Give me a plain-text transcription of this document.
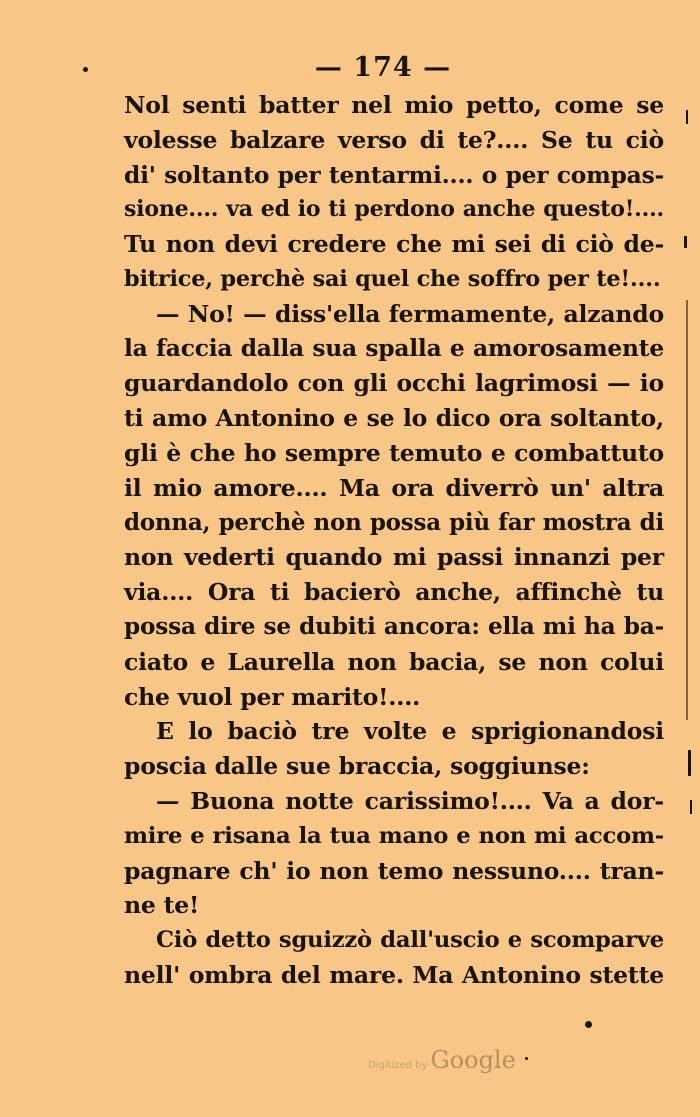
— 174 —
Nol senti batter nel mio petto, come se
volesse balzare verso di te?.... Se tu ciò
di' soltanto per tentarmi.... o per compas-
sione.... va ed io ti perdono anche questo!....
Tu non devi credere che mi sei di ciò de-
bitrice, perchè sai quel che soffro per te!....
— No! — diss'ella fermamente, alzando
la faccia dalla sua spalla e amorosamente
guardandolo con gli occhi lagrimosi — io
ti amo Antonino e se lo dico ora soltanto,
gli è che ho sempre temuto e combattuto
il mio amore.... Ma ora diverrò un' altra
donna, perchè non possa più far mostra di
non vederti quando mi passi innanzi per
via.... Ora ti bacierò anche, affinchè tu
possa dire se dubiti ancora: ella mi ha ba-
ciato e Laurella non bacia, se non colui
che vuol per marito!....
E lo baciò tre volte e sprigionandosi
poscia dalle sue braccia, soggiunse:
— Buona notte carissimo!.... Va a dor-
mire e risana la tua mano e non mi accom-
pagnare ch' io non temo nessuno.... tran-
ne te!
Ciò detto sguizzò dall'uscio e scomparve
nell' ombra del mare. Ma Antonino stette
Digitized by Google
